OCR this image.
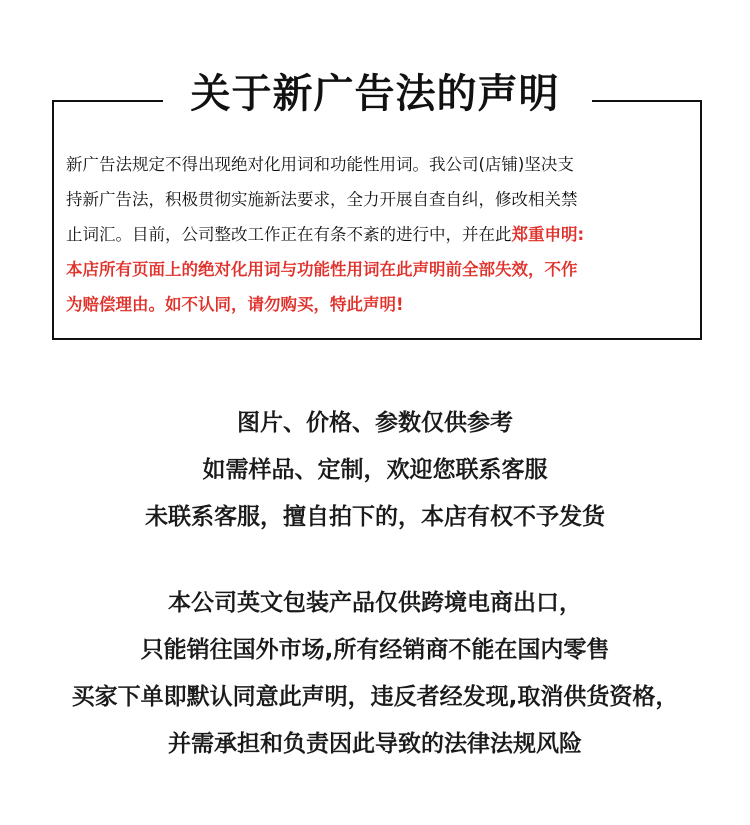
关于新广告法的声明
新广告法规定不得出现绝对化用词和功能性用词。我公司(店铺)坚决支
持新广告法，积极贯彻实施新法要求，全力开展自查自纠，修改相关禁
止词汇。目前，公司整改工作正在有条不紊的进行中，并在此郑重申明:
本店所有页面上的绝对化用词与功能性用词在此声明前全部失效，不作
为赔偿理由。如不认同，请勿购买，特此声明!
图片、价格、参数仅供参考
如需样品、定制，欢迎您联系客服
未联系客服，擅自拍下的，本店有权不予发货
本公司英文包装产品仅供跨境电商出口，
只能销往国外市场,所有经销商不能在国内零售
买家下单即默认同意此声明，违反者经发现,取消供货资格，
并需承担和负责因此导致的法律法规风险
